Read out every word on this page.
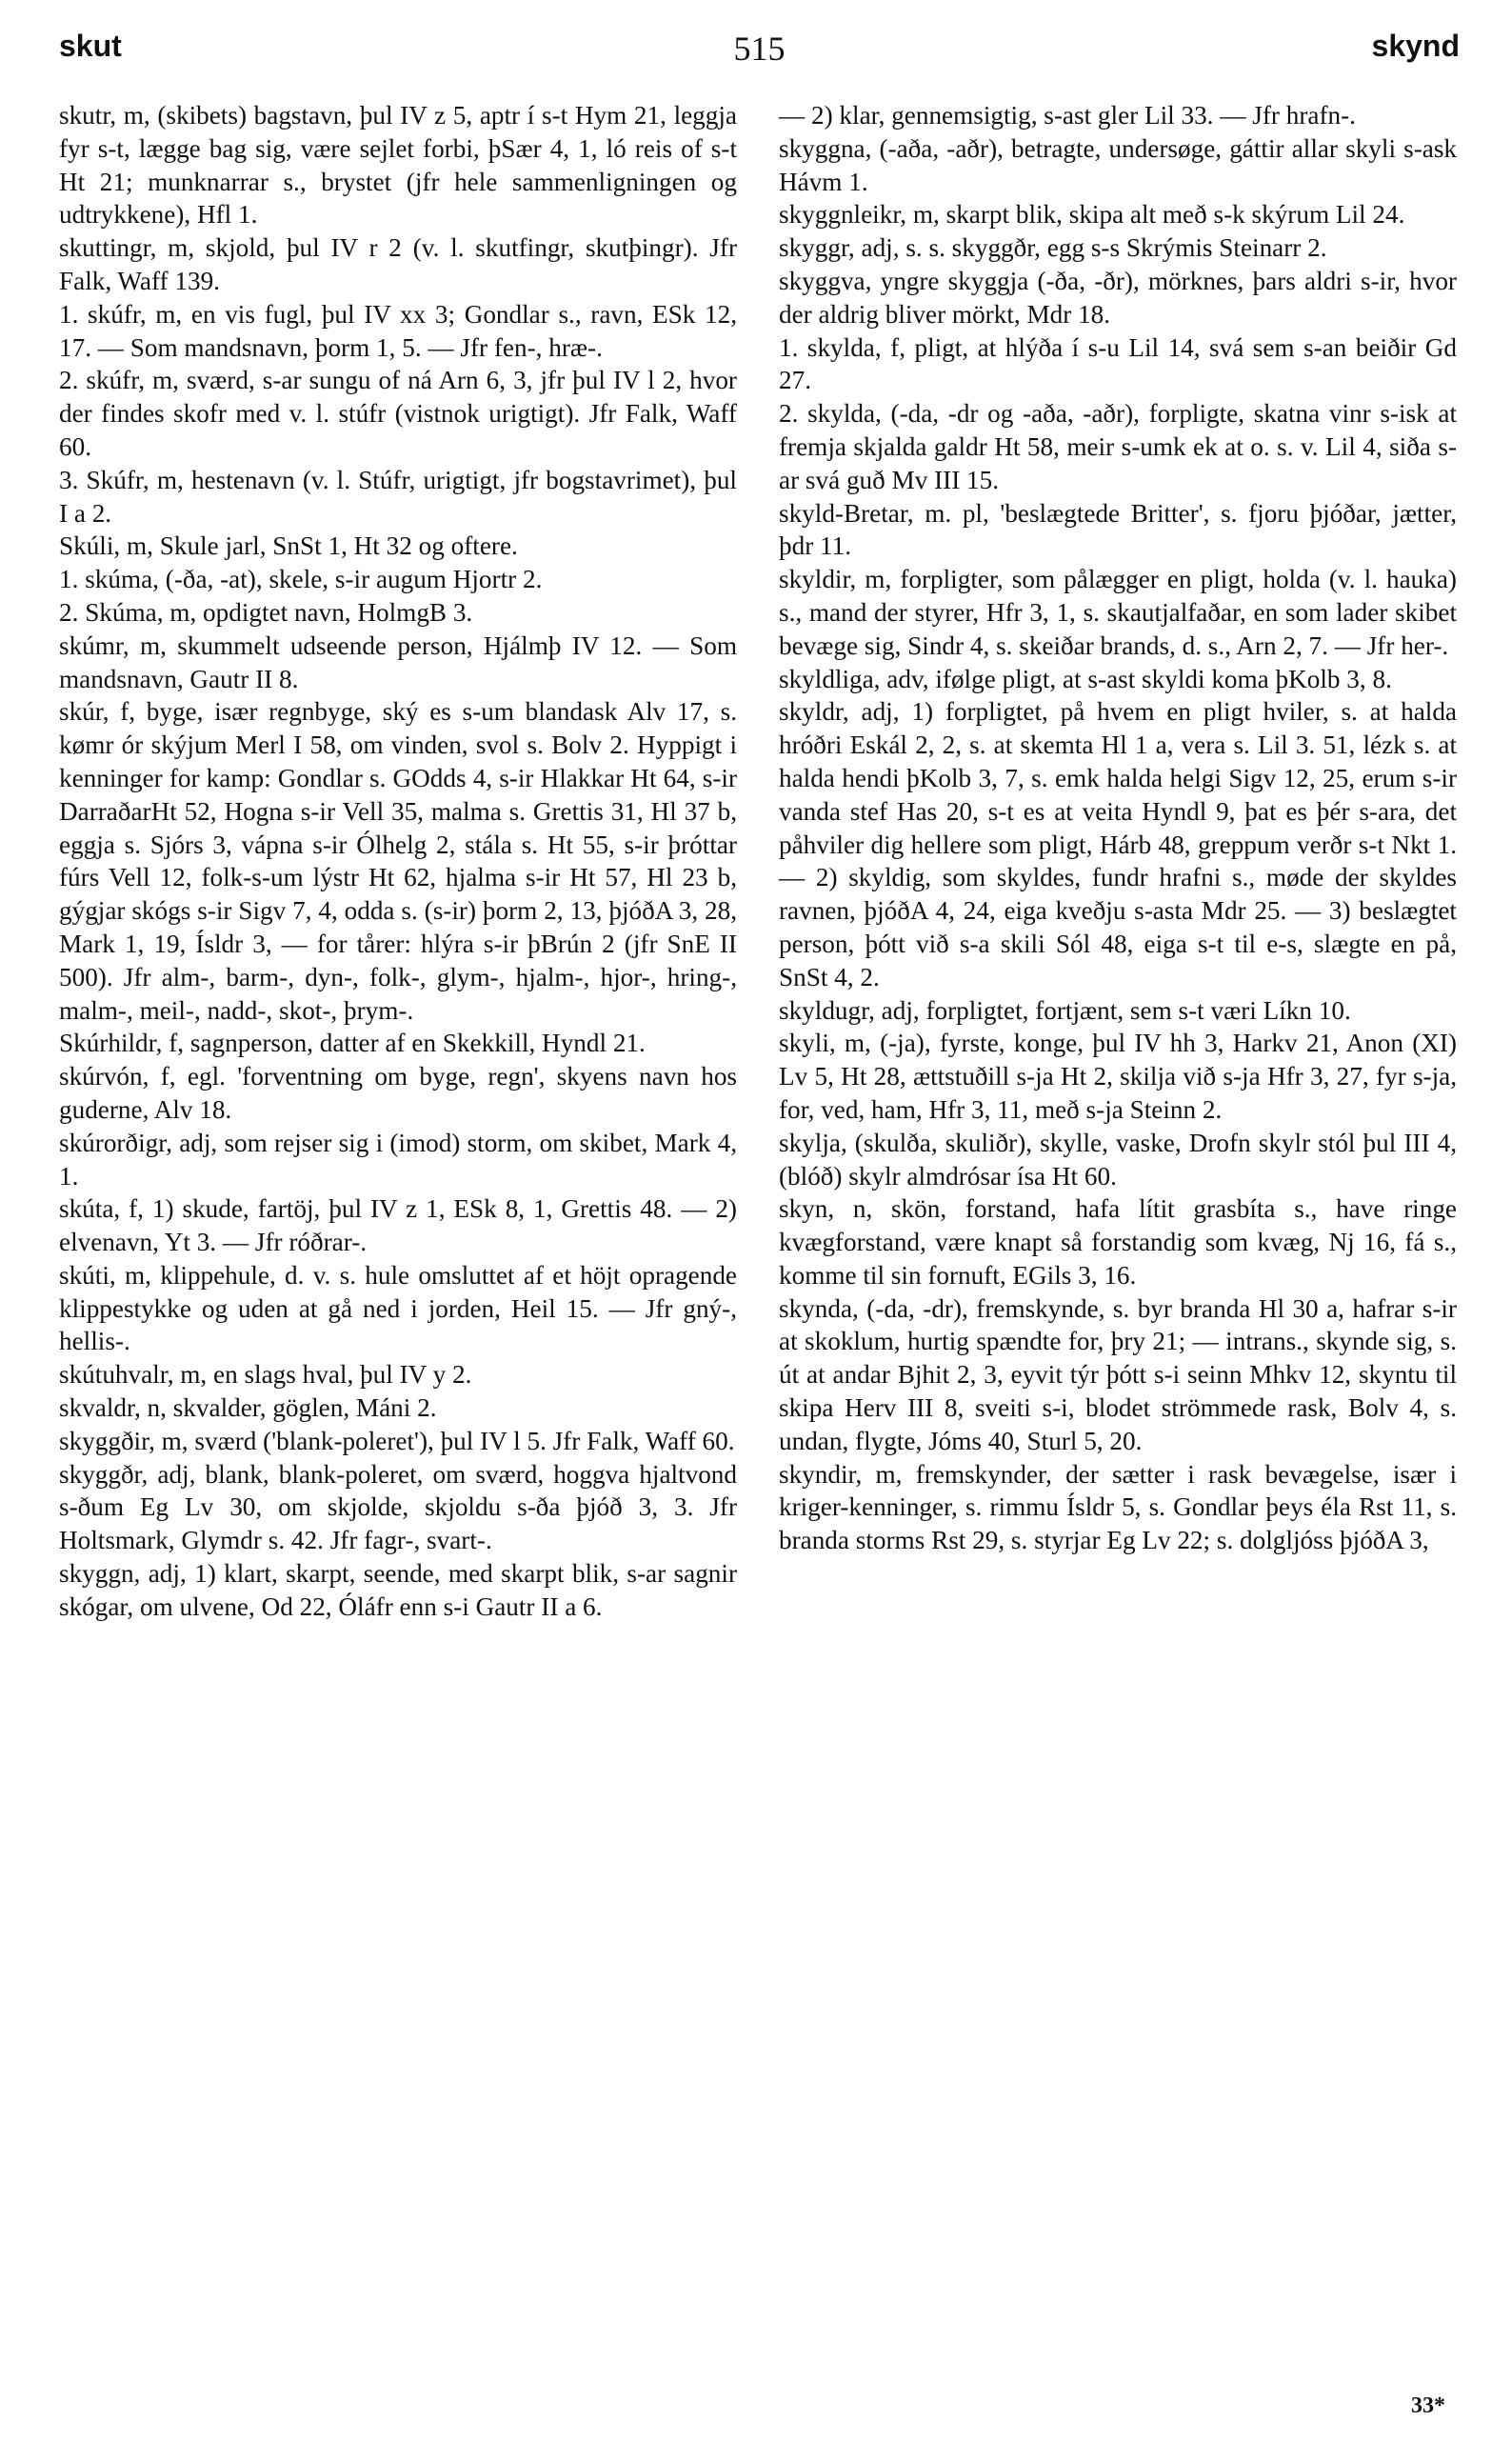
skut	515	skynd

skutr, m, (skibets) bagstavn, þul IV z 5, aptr í s-t Hym 21, leggja fyr s-t, lægge bag sig, være sejlet forbi, þSær 4, 1, ló reis of s-t Ht 21; munknarrar s., brystet (jfr hele sammenligningen og udtrykkene), Hfl 1.

skuttingr, m, skjold, þul IV r 2 (v. l. skutfingr, skutþingr). Jfr Falk, Waff 139.

1. skúfr, m, en vis fugl, þul IV xx 3; Gondlar s., ravn, ESk 12, 17. — Som mandsnavn, þorm 1, 5. — Jfr fen-, hræ-.

2. skúfr, m, sværd, s-ar sungu of ná Arn 6, 3, jfr þul IV l 2, hvor der findes skofr med v. l. stúfr (vistnok urigtigt). Jfr Falk, Waff 60.

3. Skúfr, m, hestenavn (v. l. Stúfr, urigtigt, jfr bogstavrimet), þul I a 2.

Skúli, m, Skule jarl, SnSt 1, Ht 32 og oftere.

1. skúma, (-ða, -at), skele, s-ir augum Hjortr 2.

2. Skúma, m, opdigtet navn, HolmgB 3.

skúmr, m, skummelt udseende person, Hjálmþ IV 12. — Som mandsnavn, Gautr II 8.

skúr, f, byge, især regnbyge, ský es s-um blandask Alv 17, s. kømr ór skýjum Merl I 58, om vinden, svol s. Bolv 2. Hyppigt i kenninger for kamp: Gondlar s. GOdds 4, s-ir Hlakkar Ht 64, s-ir DarraðarHt 52, Hogna s-ir Vell 35, malma s. Grettis 31, Hl 37 b, eggja s. Sjórs 3, vápna s-ir Ólhelg 2, stála s. Ht 55, s-ir þróttar fúrs Vell 12, folk-s-um lýstr Ht 62, hjalma s-ir Ht 57, Hl 23 b, gýgjar skógs s-ir Sigv 7, 4, odda s. (s-ir) þorm 2, 13, þjóðA 3, 28, Mark 1, 19, Ísldr 3, — for tårer: hlýra s-ir þBrún 2 (jfr SnE II 500). Jfr alm-, barm-, dyn-, folk-, glym-, hjalm-, hjor-, hring-, malm-, meil-, nadd-, skot-, þrym-.

Skúrhildr, f, sagnperson, datter af en Skekkill, Hyndl 21.

skúrvón, f, egl. 'forventning om byge, regn', skyens navn hos guderne, Alv 18.

skúrorðigr, adj, som rejser sig i (imod) storm, om skibet, Mark 4, 1.

skúta, f, 1) skude, fartöj, þul IV z 1, ESk 8, 1, Grettis 48. — 2) elvenavn, Yt 3. — Jfr róðrar-.

skúti, m, klippehule, d. v. s. hule omsluttet af et höjt opragende klippestykke og uden at gå ned i jorden, Heil 15. — Jfr gný-, hellis-.

skútuhvalr, m, en slags hval, þul IV y 2.

skvaldr, n, skvalder, göglen, Máni 2.

skyggðir, m, sværd ('blank-poleret'), þul IV l 5. Jfr Falk, Waff 60.

skyggðr, adj, blank, blank-poleret, om sværd, hoggva hjaltvond s-ðum Eg Lv 30, om skjolde, skjoldu s-ða þjóð 3, 3. Jfr Holtsmark, Glymdr s. 42. Jfr fagr-, svart-.

skyggn, adj, 1) klart, skarpt, seende, med skarpt blik, s-ar sagnir skógar, om ulvene, Od 22, Óláfr enn s-i Gautr II a 6.

— 2) klar, gennemsigtig, s-ast gler Lil 33. — Jfr hrafn-.

skyggna, (-aða, -aðr), betragte, undersøge, gáttir allar skyli s-ask Hávm 1.

skyggnleikr, m, skarpt blik, skipa alt með s-k skýrum Lil 24.

skyggr, adj, s. s. skyggðr, egg s-s Skrýmis Steinarr 2.

skyggva, yngre skyggja (-ða, -ðr), mörknes, þars aldri s-ir, hvor der aldrig bliver mörkt, Mdr 18.

1. skylda, f, pligt, at hlýða í s-u Lil 14, svá sem s-an beiðir Gd 27.

2. skylda, (-da, -dr og -aða, -aðr), forpligte, skatna vinr s-isk at fremja skjalda galdr Ht 58, meir s-umk ek at o. s. v. Lil 4, siða s-ar svá guð Mv III 15.

skyld-Bretar, m. pl, 'beslægtede Britter', s. fjoru þjóðar, jætter, þdr 11.

skyldir, m, forpligter, som pålægger en pligt, holda (v. l. hauka) s., mand der styrer, Hfr 3, 1, s. skautjalfaðar, en som lader skibet bevæge sig, Sindr 4, s. skeiðar brands, d. s., Arn 2, 7. — Jfr her-.

skyldliga, adv, ifølge pligt, at s-ast skyldi koma þKolb 3, 8.

skyldr, adj, 1) forpligtet, på hvem en pligt hviler, s. at halda hróðri Eskál 2, 2, s. at skemta Hl 1 a, vera s. Lil 3. 51, lézk s. at halda hendi þKolb 3, 7, s. emk halda helgi Sigv 12, 25, erum s-ir vanda stef Has 20, s-t es at veita Hyndl 9, þat es þér s-ara, det påhviler dig hellere som pligt, Hárb 48, greppum verðr s-t Nkt 1. — 2) skyldig, som skyldes, fundr hrafni s., møde der skyldes ravnen, þjóðA 4, 24, eiga kveðju s-asta Mdr 25. — 3) beslægtet person, þótt við s-a skili Sól 48, eiga s-t til e-s, slægte en på, SnSt 4, 2.

skyldugr, adj, forpligtet, fortjænt, sem s-t væri Líkn 10.

skyli, m, (-ja), fyrste, konge, þul IV hh 3, Harkv 21, Anon (XI) Lv 5, Ht 28, ættstuðill s-ja Ht 2, skilja við s-ja Hfr 3, 27, fyr s-ja, for, ved, ham, Hfr 3, 11, með s-ja Steinn 2.

skylja, (skulða, skuliðr), skylle, vaske, Drofn skylr stól þul III 4, (blóð) skylr almdrósar ísa Ht 60.

skyn, n, skön, forstand, hafa lítit grasbíta s., have ringe kvægforstand, være knapt så forstandig som kvæg, Nj 16, fá s., komme til sin fornuft, EGils 3, 16.

skynda, (-da, -dr), fremskynde, s. byr branda Hl 30 a, hafrar s-ir at skoklum, hurtig spændte for, þry 21; — intrans., skynde sig, s. út at andar Bjhit 2, 3, eyvit týr þótt s-i seinn Mhkv 12, skyntu til skipa Herv III 8, sveiti s-i, blodet strömmede rask, Bolv 4, s. undan, flygte, Jóms 40, Sturl 5, 20.

skyndir, m, fremskynder, der sætter i rask bevægelse, især i kriger-kenninger, s. rimmu Ísldr 5, s. Gondlar þeys éla Rst 11, s. branda storms Rst 29, s. styrjar Eg Lv 22; s. dolgljóss þjóðA 3,

33*
